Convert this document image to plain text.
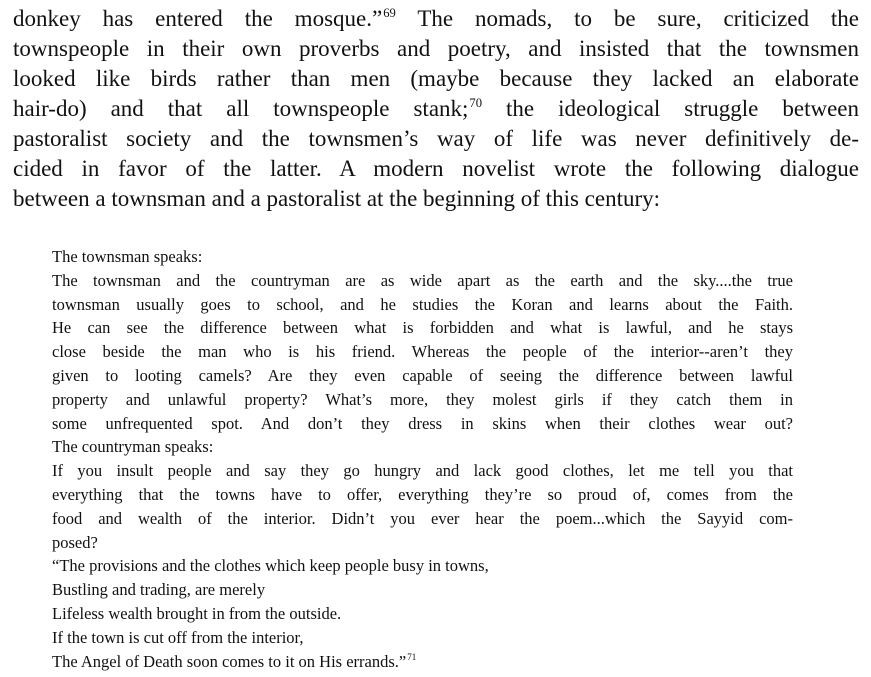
donkey has entered the mosque.”$^{69}$ The nomads, to be sure, criticized the
townspeople in their own proverbs and poetry, and insisted that the townsmen
looked like birds rather than men (maybe because they lacked an elaborate
hair-do) and that all townspeople stank;$^{70}$ the ideological struggle between
pastoralist society and the townsmen’s way of life was never definitively de-
cided in favor of the latter. A modern novelist wrote the following dialogue
between a townsman and a pastoralist at the beginning of this century:
The townsman speaks:
The townsman and the countryman are as wide apart as the earth and the sky....the true
townsman usually goes to school, and he studies the Koran and learns about the Faith.
He can see the difference between what is forbidden and what is lawful, and he stays
close beside the man who is his friend. Whereas the people of the interior--aren’t they
given to looting camels? Are they even capable of seeing the difference between lawful
property and unlawful property? What’s more, they molest girls if they catch them in
some unfrequented spot. And don’t they dress in skins when their clothes wear out?
The countryman speaks:
If you insult people and say they go hungry and lack good clothes, let me tell you that
everything that the towns have to offer, everything they’re so proud of, comes from the
food and wealth of the interior. Didn’t you ever hear the poem...which the Sayyid com-
posed?
“The provisions and the clothes which keep people busy in towns,
Bustling and trading, are merely
Lifeless wealth brought in from the outside.
If the town is cut off from the interior,
The Angel of Death soon comes to it on His errands.”$^{71}$
